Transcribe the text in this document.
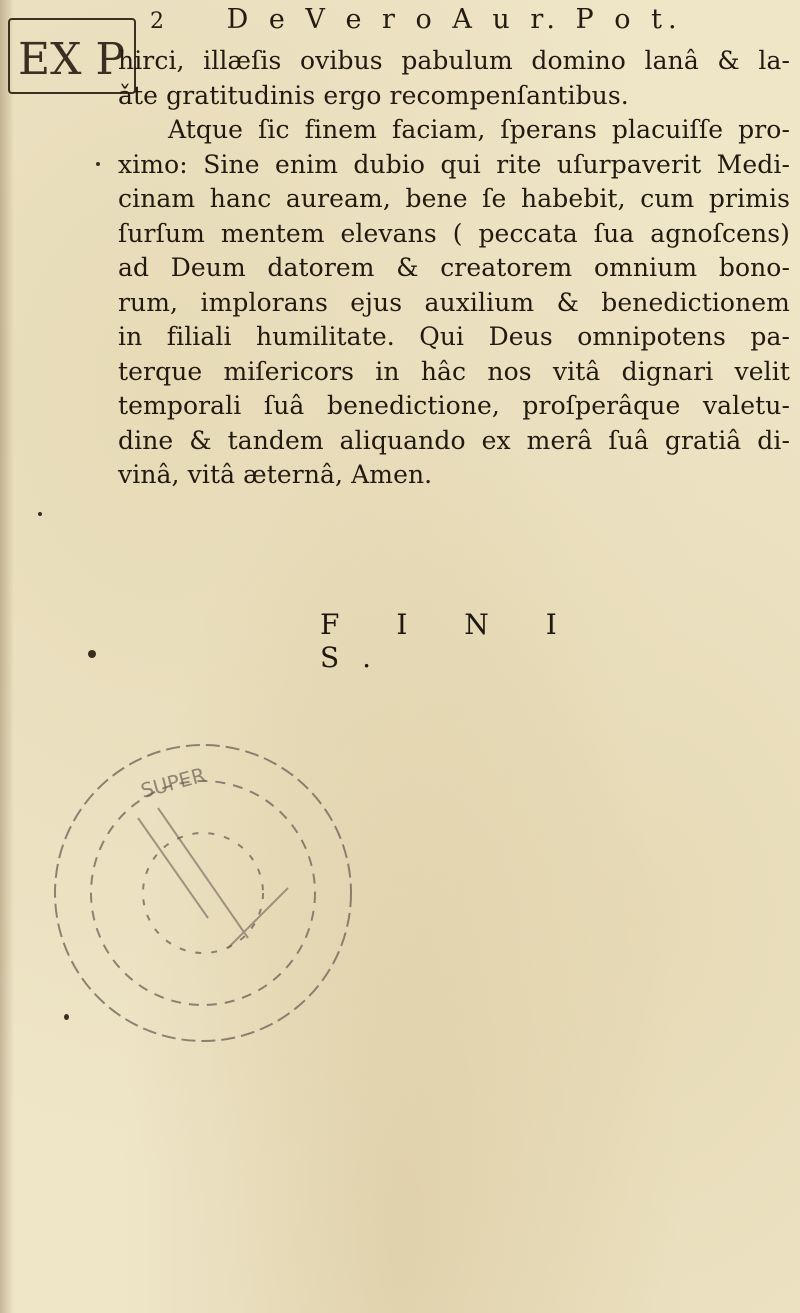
EX P
2 D e V e r o A u r. P o t.
hirci, illæſis ovibus pabulum domino lanâ & la-
ǎte gratitudinis ergo recompenſantibus.
Atque ſic finem faciam, ſperans placuiſſe pro-
ximo: Sine enim dubio qui rite uſurpaverit Medi-
cinam hanc auream, bene ſe habebit, cum primis
ſurſum mentem elevans ( peccata ſua agnoſcens)
ad Deum datorem & creatorem omnium bono-
rum, implorans ejus auxilium & benedictionem
in filiali humilitate. Qui Deus omnipotens pa-
terque miſericors in hâc nos vitâ dignari velit
temporali ſuâ benedictione, proſperâque valetu-
dine & tandem aliquando ex merâ ſuâ gratiâ di-
vinâ, vitâ æternâ, Amen.
F I N I S.
SUPER
